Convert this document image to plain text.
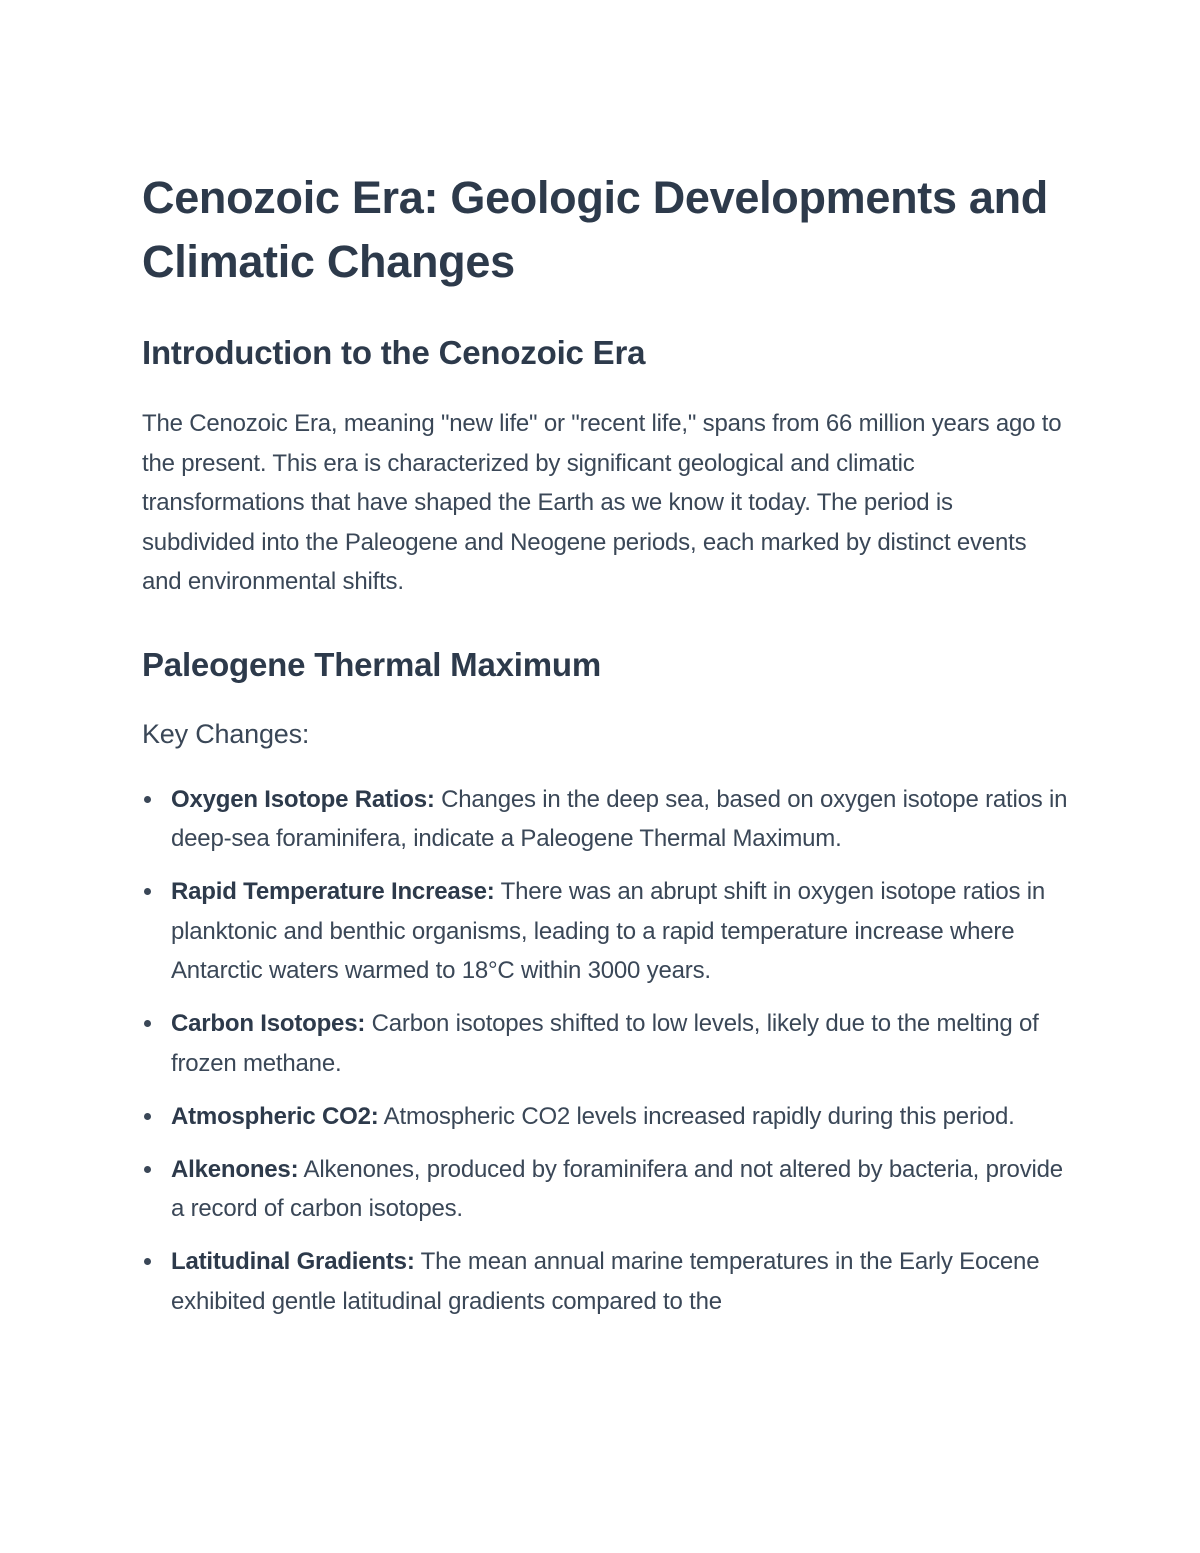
Cenozoic Era: Geologic Developments and Climatic Changes
Introduction to the Cenozoic Era

The Cenozoic Era, meaning "new life" or "recent life," spans from 66 million years ago to the present. This era is characterized by significant geological and climatic transformations that have shaped the Earth as we know it today. The period is subdivided into the Paleogene and Neogene periods, each marked by distinct events and environmental shifts.

Paleogene Thermal Maximum

Key Changes:

Oxygen Isotope Ratios: Changes in the deep sea, based on oxygen isotope ratios in deep-sea foraminifera, indicate a Paleogene Thermal Maximum.
Rapid Temperature Increase: There was an abrupt shift in oxygen isotope ratios in planktonic and benthic organisms, leading to a rapid temperature increase where Antarctic waters warmed to 18°C within 3000 years.
Carbon Isotopes: Carbon isotopes shifted to low levels, likely due to the melting of frozen methane.
Atmospheric CO2: Atmospheric CO2 levels increased rapidly during this period.
Alkenones: Alkenones, produced by foraminifera and not altered by bacteria, provide a record of carbon isotopes.
Latitudinal Gradients: The mean annual marine temperatures in the Early Eocene exhibited gentle latitudinal gradients compared to the
